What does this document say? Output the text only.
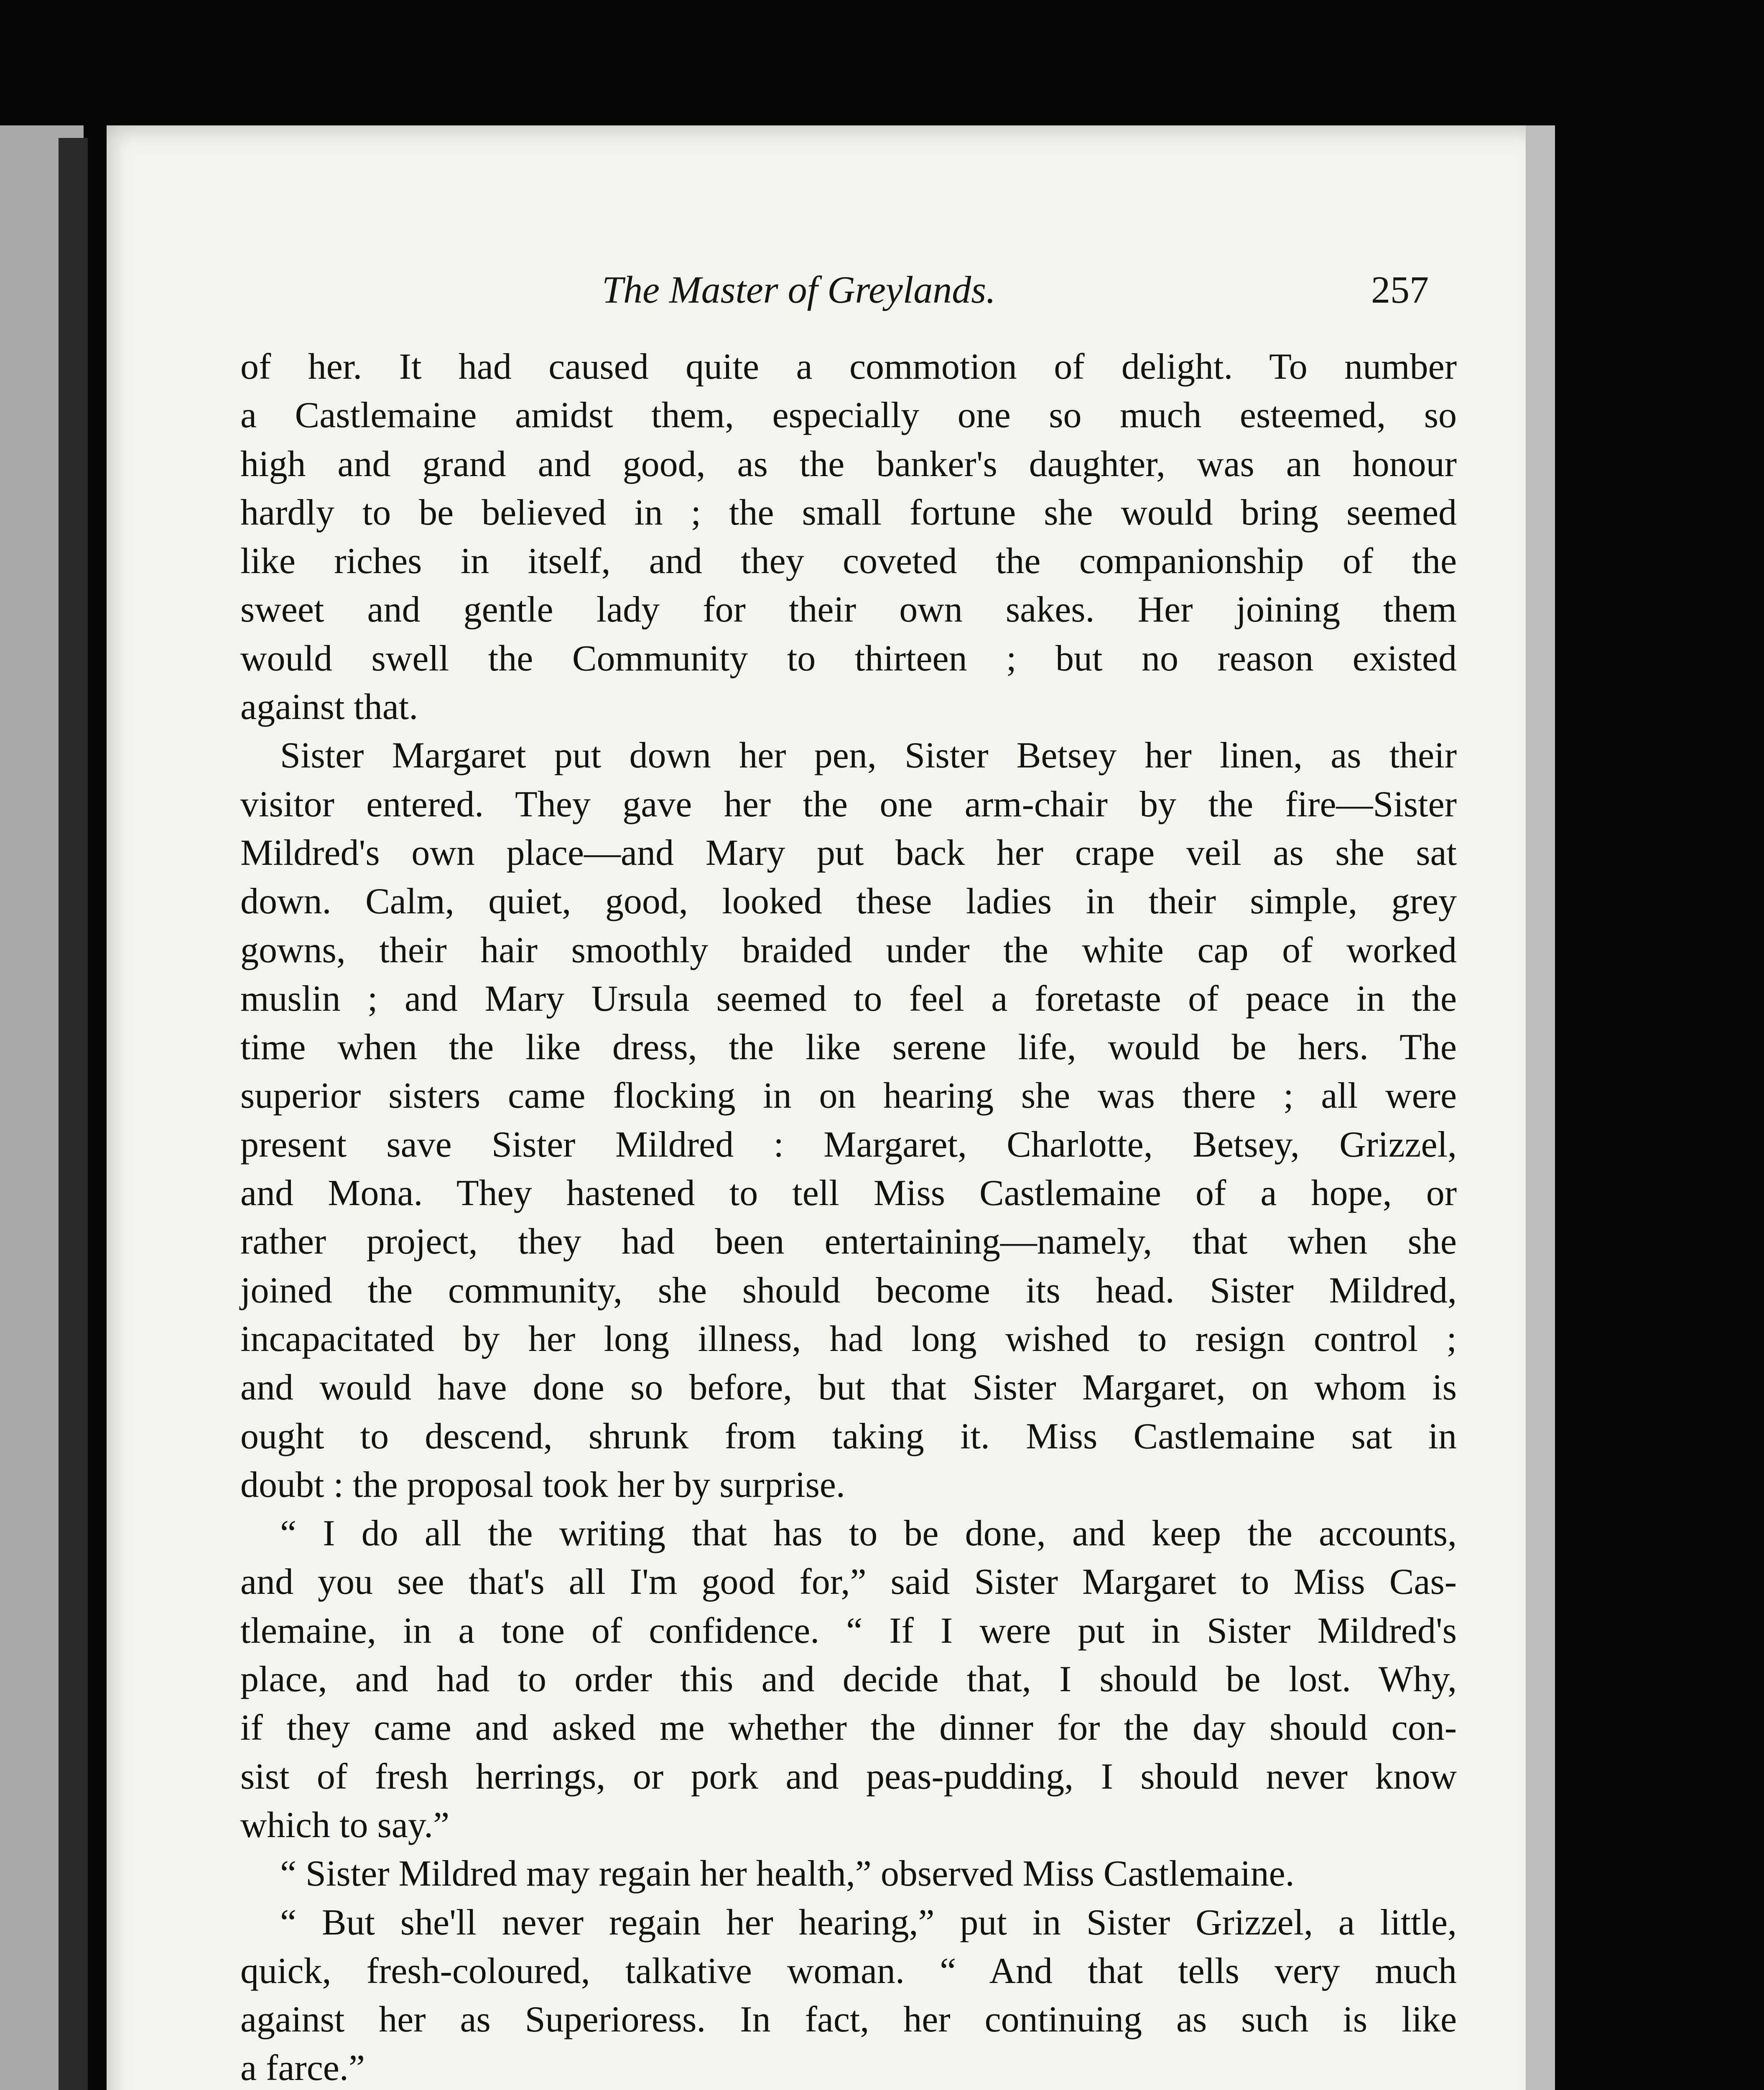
The Master of Greylands.	257
of her. It had caused quite a commotion of delight. To number
a Castlemaine amidst them, especially one so much esteemed, so
high and grand and good, as the banker's daughter, was an honour
hardly to be believed in ; the small fortune she would bring seemed
like riches in itself, and they coveted the companionship of the
sweet and gentle lady for their own sakes. Her joining them
would swell the Community to thirteen ; but no reason existed
against that.
Sister Margaret put down her pen, Sister Betsey her linen, as their
visitor entered. They gave her the one arm-chair by the fire—Sister
Mildred's own place—and Mary put back her crape veil as she sat
down. Calm, quiet, good, looked these ladies in their simple, grey
gowns, their hair smoothly braided under the white cap of worked
muslin ; and Mary Ursula seemed to feel a foretaste of peace in the
time when the like dress, the like serene life, would be hers. The
superior sisters came flocking in on hearing she was there ; all were
present save Sister Mildred : Margaret, Charlotte, Betsey, Grizzel,
and Mona. They hastened to tell Miss Castlemaine of a hope, or
rather project, they had been entertaining—namely, that when she
joined the community, she should become its head. Sister Mildred,
incapacitated by her long illness, had long wished to resign control ;
and would have done so before, but that Sister Margaret, on whom is
ought to descend, shrunk from taking it. Miss Castlemaine sat in
doubt : the proposal took her by surprise.
“ I do all the writing that has to be done, and keep the accounts,
and you see that's all I'm good for,” said Sister Margaret to Miss Cas-
tlemaine, in a tone of confidence. “ If I were put in Sister Mildred's
place, and had to order this and decide that, I should be lost. Why,
if they came and asked me whether the dinner for the day should con-
sist of fresh herrings, or pork and peas-pudding, I should never know
which to say.”
“ Sister Mildred may regain her health,” observed Miss Castlemaine.
“ But she'll never regain her hearing,” put in Sister Grizzel, a little,
quick, fresh-coloured, talkative woman. “ And that tells very much
against her as Superioress. In fact, her continuing as such is like
a farce.”
